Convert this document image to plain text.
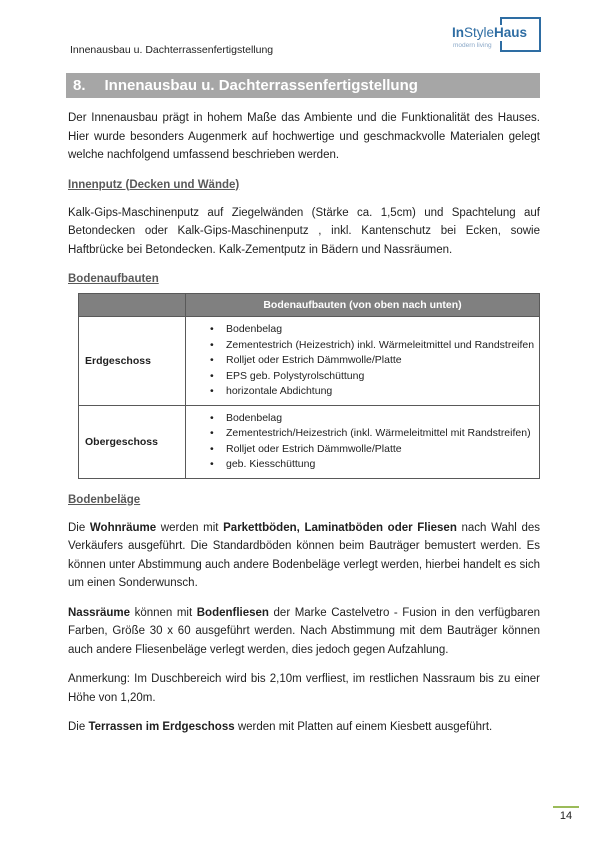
Innenausbau u. Dachterrassenfertigstellung
InStyleHaus
modern living
8. Innenausbau u. Dachterrassenfertigstellung

Der Innenausbau prägt in hohem Maße das Ambiente und die Funktionalität des Hauses. Hier wurde besonders Augenmerk auf hochwertige und geschmackvolle Materialen gelegt welche nachfolgend umfassend beschrieben werden.

Innenputz (Decken und Wände)

Kalk-Gips-Maschinenputz auf Ziegelwänden (Stärke ca. 1,5cm) und Spachtelung auf Betondecken oder Kalk-Gips-Maschinenputz , inkl. Kantenschutz bei Ecken, sowie Haftbrücke bei Betondecken. Kalk-Zementputz in Bädern und Nassräumen.

Bodenaufbauten
	Bodenaufbauten (von oben nach unten)
Erdgeschoss	
• Bodenbelag
• Zementestrich (Heizestrich) inkl. Wärmeleitmittel und Randstreifen
• Rolljet oder Estrich Dämmwolle/Platte
• EPS geb. Polystyrolschüttung
• horizontale Abdichtung

Obergeschoss	
• Bodenbelag
• Zementestrich/Heizestrich (inkl. Wärmeleitmittel mit Randstreifen)
• Rolljet oder Estrich Dämmwolle/Platte
• geb. Kiesschüttung
Bodenbeläge

Die Wohnräume werden mit Parkettböden, Laminatböden oder Fliesen nach Wahl des Verkäufers ausgeführt. Die Standardböden können beim Bauträger bemustert werden. Es können unter Abstimmung auch andere Bodenbeläge verlegt werden, hierbei handelt es sich um einen Sonderwunsch.

Nassräume können mit Bodenfliesen der Marke Castelvetro - Fusion in den verfügbaren Farben, Größe 30 x 60 ausgeführt werden. Nach Abstimmung mit dem Bauträger können auch andere Fliesenbeläge verlegt werden, dies jedoch gegen Aufzahlung.

Anmerkung: Im Duschbereich wird bis 2,10m verfliest, im restlichen Nassraum bis zu einer Höhe von 1,20m.

Die Terrassen im Erdgeschoss werden mit Platten auf einem Kiesbett ausgeführt.

14
